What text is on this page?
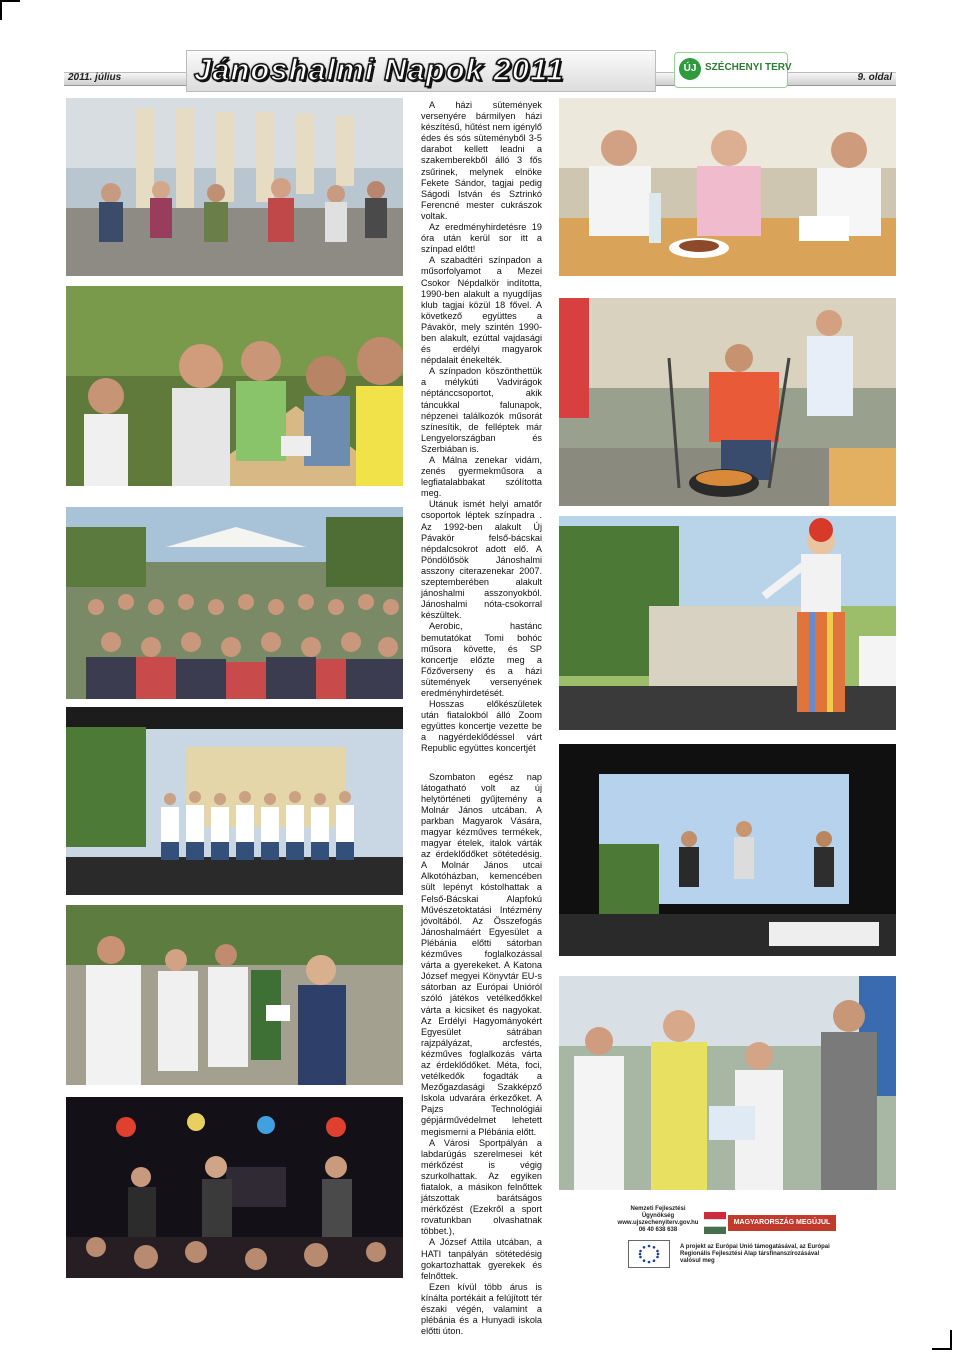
2011. július	9. oldal
Jánoshalmi Napok 2011	ÚJ SZÉCHENYI TERV

A házi sütemények versenyére bármilyen házi készítésű, hűtést nem igénylő édes és sós süteményből 3-5 darabot kellett leadni a szakemberekből álló 3 fős zsűrinek, melynek elnöke Fekete Sándor, tagjai pedig Ságodi István és Sztrinkó Ferencné mester cukrászok voltak.

Az eredményhirdetésre 19 óra után kerül sor itt a színpad előtt!

A szabadtéri színpadon a műsorfolyamot a Mezei Csokor Népdalkör indította, 1990-ben alakult a nyugdíjas klub tagjai közül 18 fővel. A következő együttes a Pávakör, mely szintén 1990-ben alakult, ezúttal vajdasági és erdélyi magyarok népdalait énekelték.

A színpadon köszönthettük a mélykúti Vadvirágok néptánccsoportot, akik táncukkal falunapok, népzenei találkozók műsorát színesítik, de felléptek már Lengyelországban és Szerbiában is.

A Málna zenekar vidám, zenés gyermekműsora a legfiatalabbakat szólította meg.

Utánuk ismét helyi amatőr csoportok léptek színpadra . Az 1992-ben alakult Új Pávakör felső-bácskai népdalcsokrot adott elő. A Pöndölősök Jánoshalmi asszony citerazenekar 2007. szeptemberében alakult jánoshalmi asszonyokból. Jánoshalmi nóta-csokorral készültek.

Aerobic, hastánc bemutatókat Tomi bohóc műsora követte, és SP koncertje előzte meg a Főzőverseny és a házi sütemények versenyének eredményhirdetését.

Hosszas előkészületek után fiatalokból álló Zoom együttes koncertje vezette be a nagyérdeklődéssel várt Republic együttes koncertjét

Szombaton egész nap látogatható volt az új helytörténeti gyűjtemény a Molnár János utcában. A parkban Magyarok Vására, magyar kézműves termékek, magyar ételek, italok várták az érdeklődőket sötétedésig. A Molnár János utcai Alkotóházban, kemencében sült lepényt kóstolhattak a Felső-Bácskai Alapfokú Művészetoktatási Intézmény jóvoltából. Az Összefogás Jánoshalmáért Egyesület a Plébánia előtti sátorban kézműves foglalkozással várta a gyerekeket. A Katona József megyei Könyvtár EU-s sátorban az Európai Unióról szóló játékos vetélkedőkkel várta a kicsiket és nagyokat. Az Erdélyi Hagyományokért Egyesület sátrában rajzpályázat, arcfestés, kézműves foglalkozás várta az érdeklődőket. Méta, foci, vetélkedők fogadták a Mezőgazdasági Szakképző Iskola udvarára érkezőket. A Pajzs Technológiái gépjárművédelmet lehetett megismerni a Plébánia előtt.

A Városi Sportpályán a labdarúgás szerelmesei két mérkőzést is végig szurkolhattak. Az egyiken fiatalok, a másikon felnőttek játszottak barátságos mérkőzést (Ezekről a sport rovatunkban olvashatnak többet.),

A József Attila utcában, a HATI tanpályán sötétedésig gokartozhattak gyerekek és felnőttek.

Ezen kívül több árus is kínálta portékáit a felújított tér északi végén, valamint a plébánia és a Hunyadi iskola előtti úton.

Nemzeti Fejlesztési Ügynökség
www.ujszechenyiterv.gov.hu
06 40 638 638
MAGYARORSZÁG MEGÚJUL
A projekt az Európai Unió támogatásával, az Európai
Regionális Fejlesztési Alap társfinanszírozásával valósul meg
